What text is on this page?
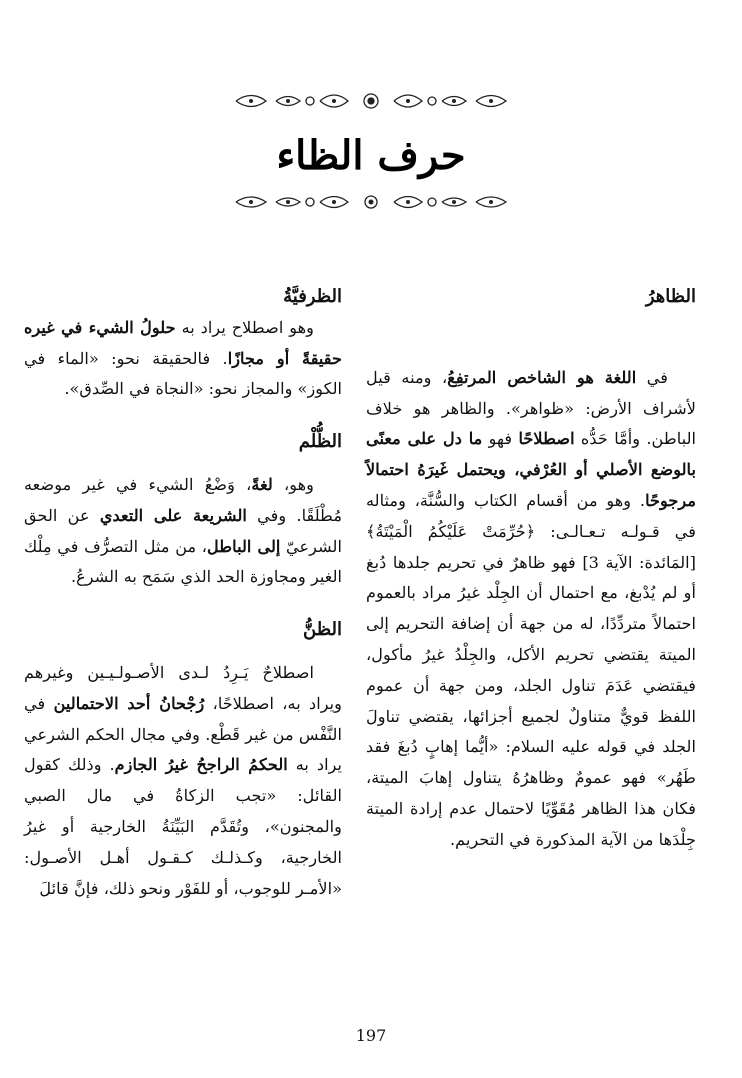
حرف الظاء
الظاهرُ

في اللغة هو الشاخص المرتفِعُ، ومنه قيل لأشراف الأرض: «ظواهر». والظاهر هو خلاف الباطن. وأمَّا حَدُّه اصطلاحًا فهو ما دل على معنًى بالوضع الأصلي أو العُرْفي، ويحتمل غَيرَهُ احتمالاً مرجوحًا. وهو من أقسام الكتاب والسُّنَّة، ومثاله في قـولـه تـعـالـى: ﴿حُرِّمَتْ عَلَيْكُمُ الْمَيْتَةُ﴾ [المَائدة: الآية 3] فهو ظاهرٌ في تحريم جلدها دُبغ أو لم يُدْبغ، مع احتمال أن الجِلْد غيرُ مراد بالعموم احتمالاً متردِّدًا، له من جهة أن إضافة التحريم إلى الميتة يقتضي تحريم الأكل، والجِلْدُ غيرُ مأكول، فيقتضي عَدَمَ تناول الجلد، ومن جهة أن عموم اللفظ قويٌّ متناولٌ لجميع أجزائها، يقتضي تناولَ الجلد في قوله عليه السلام: «أيُّما إهابٍ دُبغَ فقد طَهُر» فهو عمومٌ وظاهرُهُ يتناول إهابَ الميتة، فكان هذا الظاهر مُقَوِّيًا لاحتمال عدم إرادة الميتة جِلْدَها من الآية المذكورة في التحريم.

الظرفيَّةُ

وهو اصطلاح يراد به حلولُ الشيء في غيره حقيقةً أو مجازًا. فالحقيقة نحو: «الماء في الكوز» والمجاز نحو: «النجاة في الصِّدق».

الظُّلْم

وهو، لغةً، وَضْعُ الشيء في غير موضعه مُطْلَقًا. وفي الشريعة على التعدي عن الحق الشرعيّ إلى الباطل، من مثل التصرُّف في مِلْك الغير ومجاوزة الحد الذي سَمَح به الشرعُ.

الظنُّ

اصطلاحٌ يَـرِدُ لـدى الأصـولـيـين وغيرهم ويراد به، اصطلاحًا، رُجْحانُ أحد الاحتمالين في النَّفْس من غير قَطْع. وفي مجال الحكم الشرعي يراد به الحكمُ الراجحُ غيرُ الجازم. وذلك كقول القائل: «تجب الزكاةُ في مال الصبي والمجنون»، وتُقَدَّم البَيِّنَةُ الخارجية أو غيرُ الخارجية، وكـذلـك كـقـول أهـل الأصـول: «الأمـر للوجوب، أو للفَوْر ونحو ذلك، فإنَّ قائلَ

197
